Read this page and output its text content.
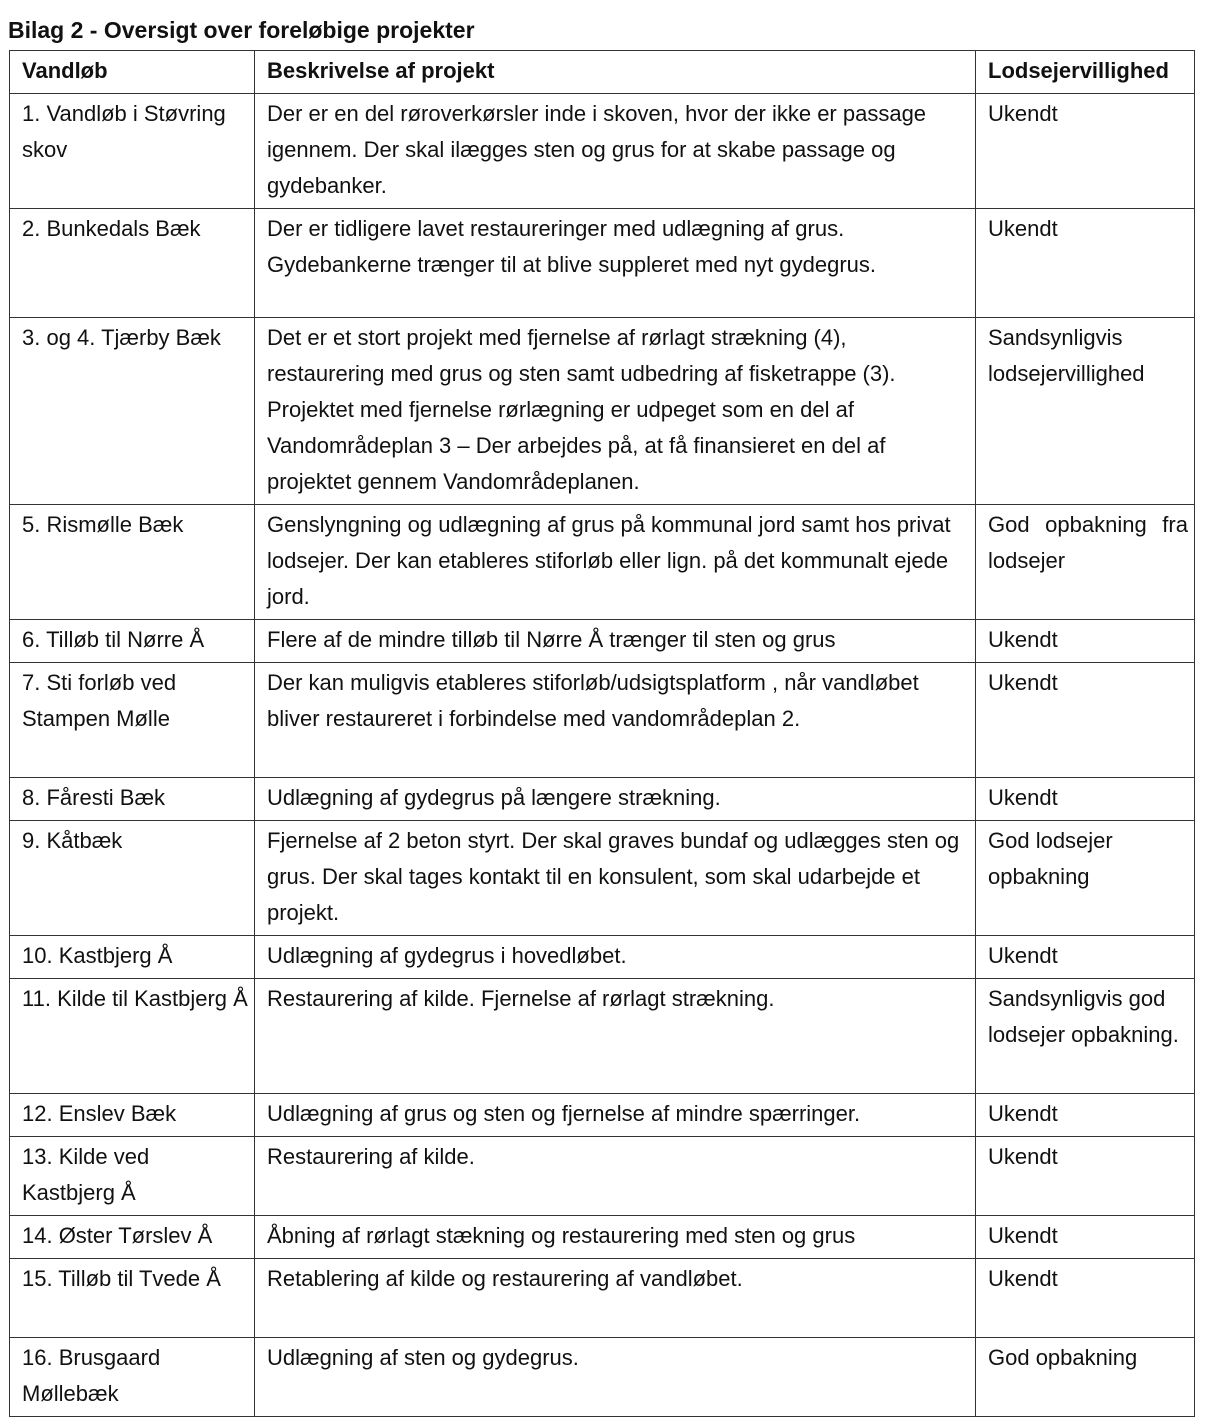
Bilag 2 - Oversigt over foreløbige projekter
Vandløb	Beskrivelse af projekt	Lodsejervillighed
1. Vandløb i Støvring skov	Der er en del røroverkørsler inde i skoven, hvor der ikke er passage igennem. Der skal ilægges sten og grus for at skabe passage og gydebanker.	Ukendt
2. Bunkedals Bæk	Der er tidligere lavet restaureringer med udlægning af grus. Gydebankerne trænger til at blive suppleret med nyt gydegrus.	Ukendt
3. og 4. Tjærby Bæk	Det er et stort projekt med fjernelse af rørlagt strækning (4), restaurering med grus og sten samt udbedring af fisketrappe (3). Projektet med fjernelse rørlægning er udpeget som en del af Vandområdeplan 3 – Der arbejdes på, at få finansieret en del af projektet gennem Vandområdeplanen.	Sandsynligvis lodsejervillighed
5. Rismølle Bæk	Genslyngning og udlægning af grus på kommunal jord samt hos privat lodsejer. Der kan etableres stiforløb eller lign. på det kommunalt ejede jord.	God opbakning fra lodsejer
6. Tilløb til Nørre Å	Flere af de mindre tilløb til Nørre Å trænger til sten og grus	Ukendt
7. Sti forløb ved Stampen Mølle	Der kan muligvis etableres stiforløb/udsigtsplatform , når vandløbet bliver restaureret i forbindelse med vandområdeplan 2.	Ukendt
8. Fåresti Bæk	Udlægning af gydegrus på længere strækning.	Ukendt
9. Kåtbæk	Fjernelse af 2 beton styrt. Der skal graves bundaf og udlægges sten og grus. Der skal tages kontakt til en konsulent, som skal udarbejde et projekt.	God lodsejer opbakning
10. Kastbjerg Å	Udlægning af gydegrus i hovedløbet.	Ukendt
11. Kilde til Kastbjerg Å	Restaurering af kilde. Fjernelse af rørlagt strækning.	Sandsynligvis god lodsejer opbakning.
12. Enslev Bæk	Udlægning af grus og sten og fjernelse af mindre spærringer.	Ukendt
13. Kilde ved Kastbjerg Å	Restaurering af kilde.	Ukendt
14. Øster Tørslev Å	Åbning af rørlagt stækning og restaurering med sten og grus	Ukendt
15. Tilløb til Tvede Å	Retablering af kilde og restaurering af vandløbet.	Ukendt
16. Brusgaard Møllebæk	Udlægning af sten og gydegrus.	God opbakning
